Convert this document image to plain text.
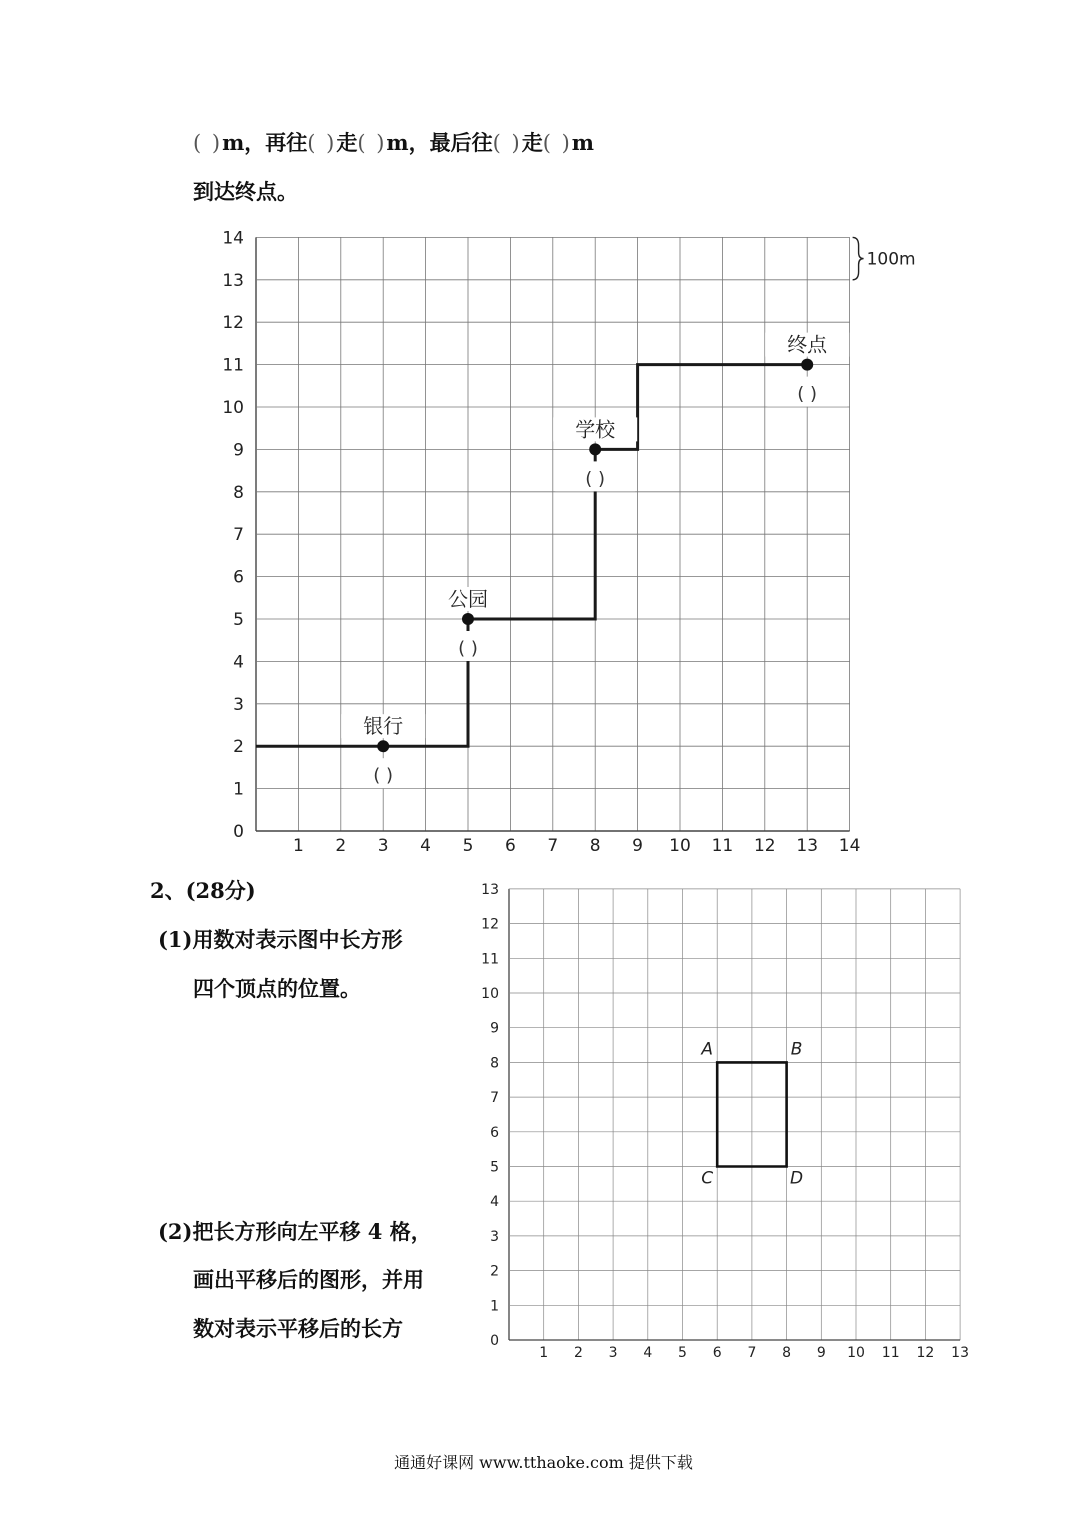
( )m，再往( )走( )m，最后往( )走( )m
到达终点。
1 2 3 4 5 6 7 8 9 10 11 12 13 14
0
1
2
3
4
5
6
7
8
9
10
11
12
13
14
100m
银行
( )
公园
( )
学校
( )
终点
( )
2、(28分)
(1)用数对表示图中长方形
四个顶点的位置。
(2)把长方形向左平移 4 格，
画出平移后的图形，并用
数对表示平移后的长方
1 2 3 4 5 6 7 8 9 10 11 12 13
0
1
2
3
4
5
6
7
8
9
10
11
12
13
A	B
D
C
通通好课网 www.tthaoke.com 提供下载
